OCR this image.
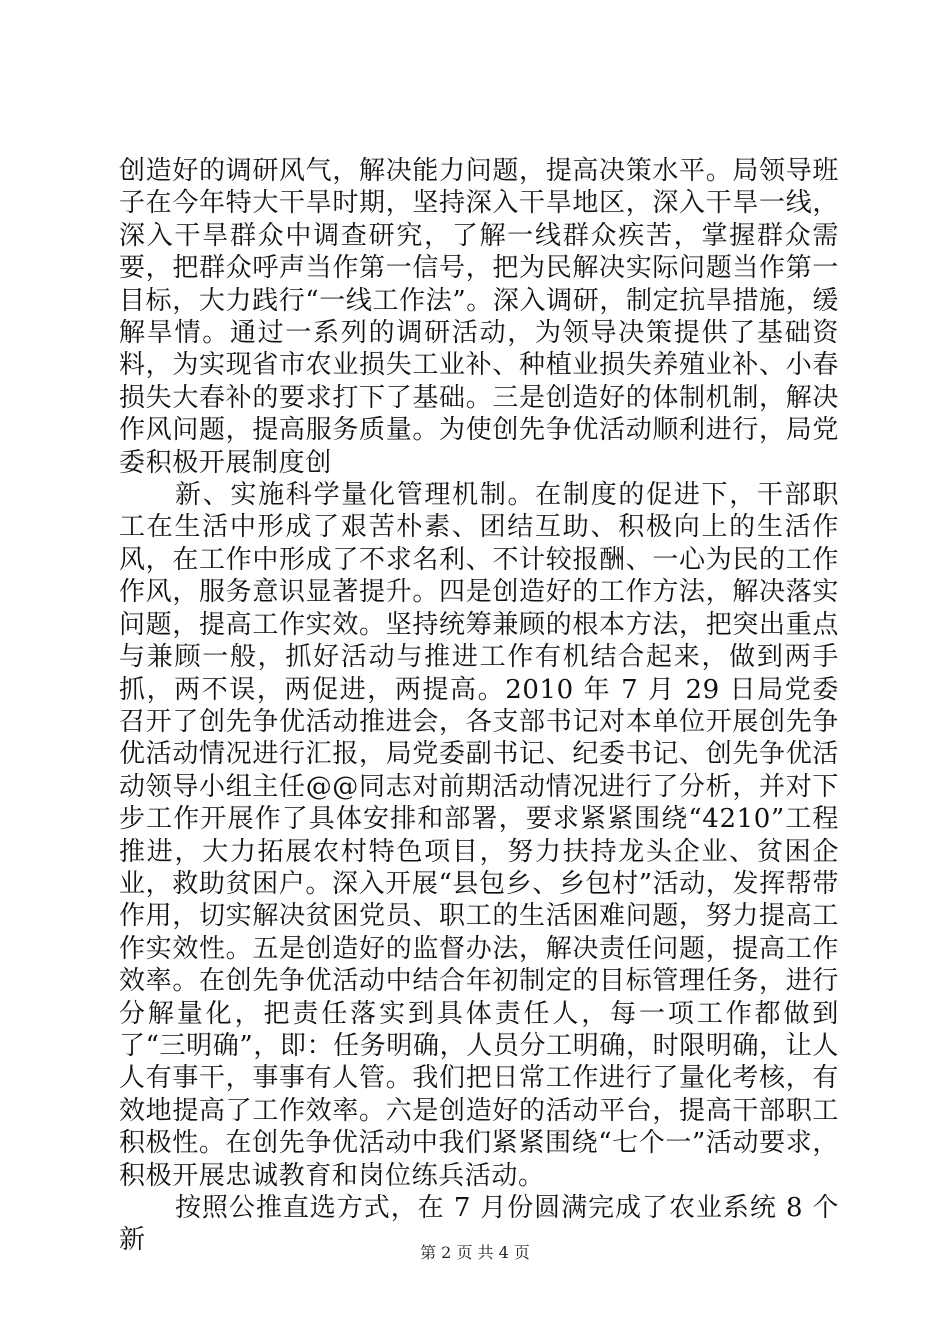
创造好的调研风气，解决能力问题，提高决策水平。局领导班子在今年特大干旱时期，坚持深入干旱地区，深入干旱一线，深入干旱群众中调查研究，了解一线群众疾苦，掌握群众需要，把群众呼声当作第一信号，把为民解决实际问题当作第一目标，大力践行“一线工作法”。深入调研，制定抗旱措施，缓解旱情。通过一系列的调研活动，为领导决策提供了基础资料，为实现省市农业损失工业补、种植业损失养殖业补、小春损失大春补的要求打下了基础。三是创造好的体制机制，解决作风问题，提高服务质量。为使创先争优活动顺利进行，局党委积极开展制度创

新、实施科学量化管理机制。在制度的促进下，干部职工在生活中形成了艰苦朴素、团结互助、积极向上的生活作风，在工作中形成了不求名利、不计较报酬、一心为民的工作作风，服务意识显著提升。四是创造好的工作方法，解决落实问题，提高工作实效。坚持统筹兼顾的根本方法，把突出重点与兼顾一般，抓好活动与推进工作有机结合起来，做到两手抓，两不误，两促进，两提高。2010 年 7 月 29 日局党委召开了创先争优活动推进会，各支部书记对本单位开展创先争优活动情况进行汇报，局党委副书记、纪委书记、创先争优活动领导小组主任@@同志对前期活动情况进行了分析，并对下步工作开展作了具体安排和部署，要求紧紧围绕“4210”工程推进，大力拓展农村特色项目，努力扶持龙头企业、贫困企业，救助贫困户。深入开展“县包乡、乡包村”活动，发挥帮带作用，切实解决贫困党员、职工的生活困难问题，努力提高工作实效性。五是创造好的监督办法，解决责任问题，提高工作效率。在创先争优活动中结合年初制定的目标管理任务，进行分解量化，把责任落实到具体责任人，每一项工作都做到了“三明确”，即：任务明确，人员分工明确，时限明确，让人人有事干，事事有人管。我们把日常工作进行了量化考核，有效地提高了工作效率。六是创造好的活动平台，提高干部职工积极性。在创先争优活动中我们紧紧围绕“七个一”活动要求，积极开展忠诚教育和岗位练兵活动。

按照公推直选方式，在 7 月份圆满完成了农业系统 8 个新	第 2 页 共 4 页
